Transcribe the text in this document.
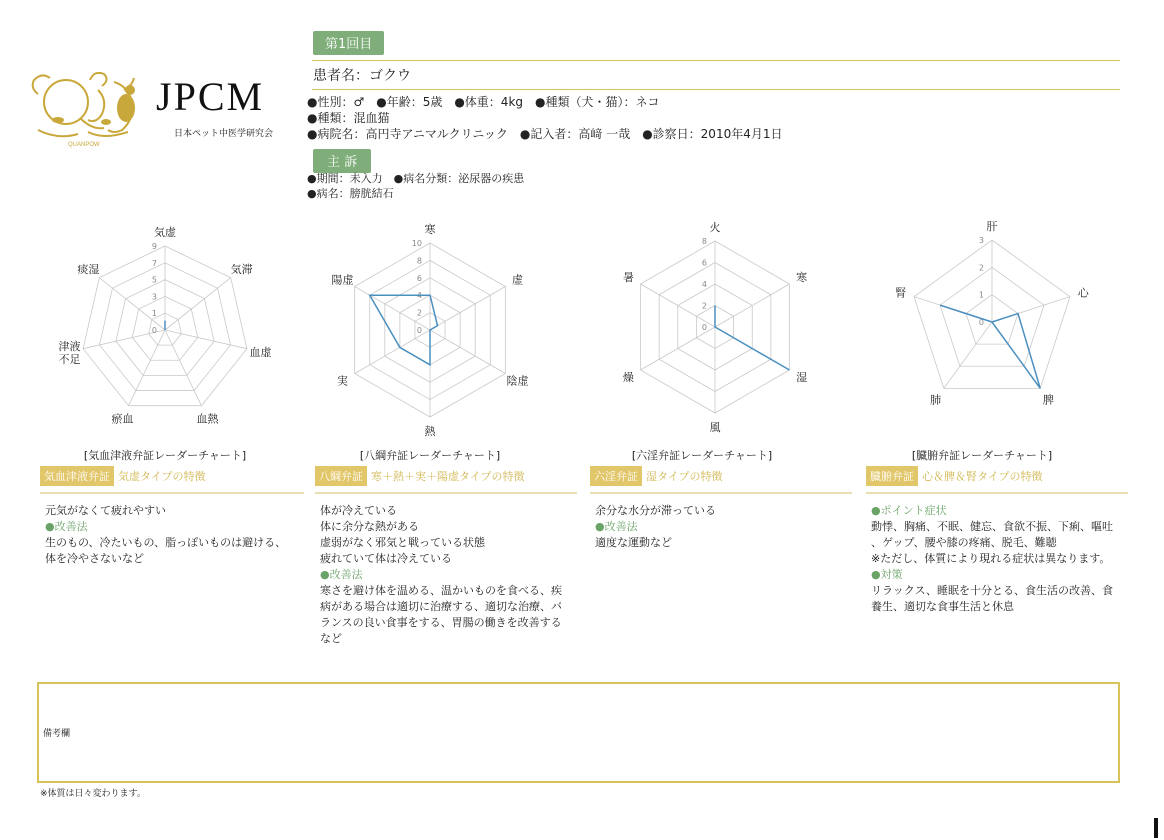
QUANPOW
JPCM
日本ペット中医学研究会
第1回目
患者名：ゴクウ
●性別：♂　●年齢：5歳　●体重：4kg　●種類（犬・猫）：ネコ
●種類：混血猫
●病院名：高円寺アニマルクリニック　●記入者：高﨑 一哉　●診察日：2010年4月1日
主 訴
●期間：未入力　●病名分類：泌尿器の疾患
●病名：膀胱結石
気虚
気滞
血虚
血熱
瘀血
津液不足
痰湿
9
7
5
3
1
0
寒
虚
陰虚
熱
実
陽虚
10
8
6
4
2
0
火
寒
湿
風
燥
暑
8
6
4
2
0
肝
心
脾
肺
腎
3
2
1
0
[気血津液弁証レーダーチャート]	[八綱弁証レーダーチャート]	[六淫弁証レーダーチャート]	[臓腑弁証レーダーチャート]
気血津液弁証 気虚タイプの特徴
元気がなくて疲れやすい
●改善法
生のもの、冷たいもの、脂っぽいものは避ける、
体を冷やさないなど
八綱弁証 寒＋熱＋実＋陽虚タイプの特徴
体が冷えている
体に余分な熱がある
虚弱がなく邪気と戦っている状態
疲れていて体は冷えている
●改善法
寒さを避け体を温める、温かいものを食べる、疾
病がある場合は適切に治療する、適切な治療、バ
ランスの良い食事をする、胃腸の働きを改善する
など
六淫弁証 湿タイプの特徴
余分な水分が滞っている
●改善法
適度な運動など
臓腑弁証 心＆脾＆腎タイプの特徴
●ポイント症状
動悸、胸痛、不眠、健忘、食欲不振、下痢、嘔吐
、ゲップ、腰や膝の疼痛、脱毛、難聴
※ただし、体質により現れる症状は異なります。
●対策
リラックス、睡眠を十分とる、食生活の改善、食
養生、適切な食事生活と休息
備考欄
※体質は日々変わります。
